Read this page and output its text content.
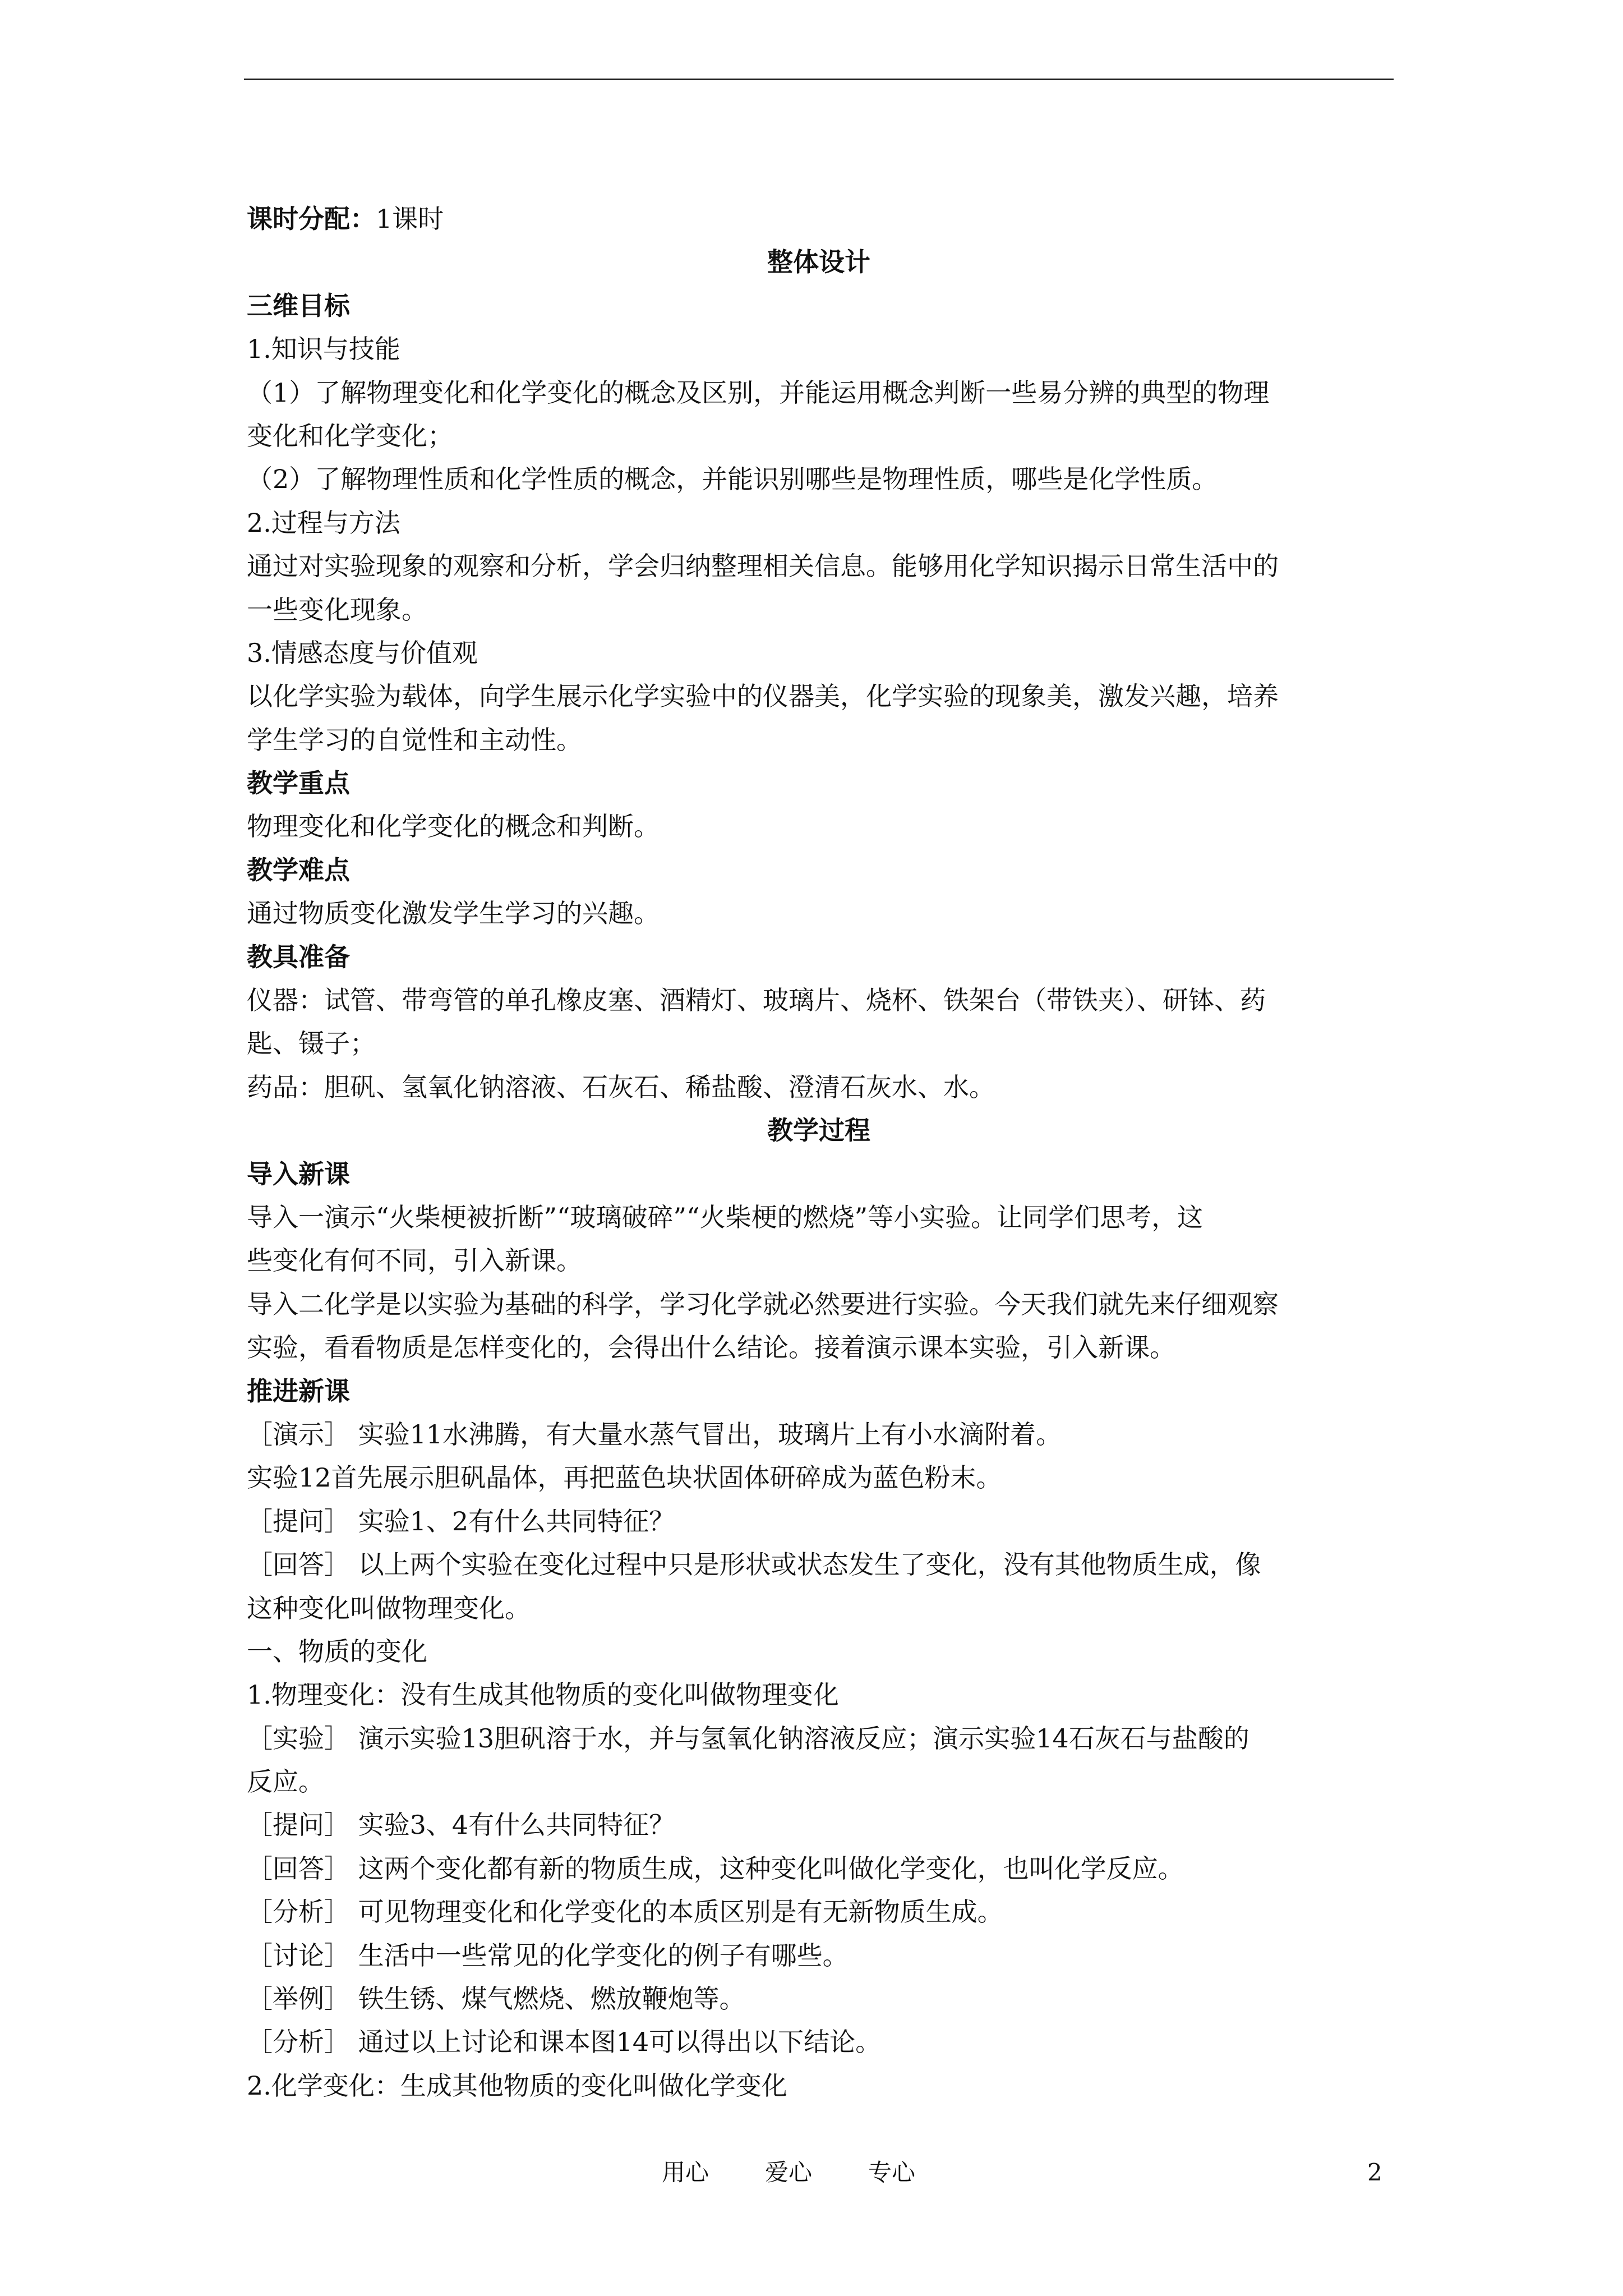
课时分配：1课时
整体设计
三维目标
1.知识与技能
（1）了解物理变化和化学变化的概念及区别，并能运用概念判断一些易分辨的典型的物理
变化和化学变化；
（2）了解物理性质和化学性质的概念，并能识别哪些是物理性质，哪些是化学性质。
2.过程与方法
通过对实验现象的观察和分析，学会归纳整理相关信息。能够用化学知识揭示日常生活中的
一些变化现象。
3.情感态度与价值观
以化学实验为载体，向学生展示化学实验中的仪器美，化学实验的现象美，激发兴趣，培养
学生学习的自觉性和主动性。
教学重点
物理变化和化学变化的概念和判断。
教学难点
通过物质变化激发学生学习的兴趣。
教具准备
仪器：试管、带弯管的单孔橡皮塞、酒精灯、玻璃片、烧杯、铁架台（带铁夹）、研钵、药
匙、镊子；
药品：胆矾、氢氧化钠溶液、石灰石、稀盐酸、澄清石灰水、水。
教学过程
导入新课
导入一演示“火柴梗被折断”“玻璃破碎”“火柴梗的燃烧”等小实验。让同学们思考，这
些变化有何不同，引入新课。
导入二化学是以实验为基础的科学，学习化学就必然要进行实验。今天我们就先来仔细观察
实验，看看物质是怎样变化的，会得出什么结论。接着演示课本实验，引入新课。
推进新课
［演示］ 实验11水沸腾，有大量水蒸气冒出，玻璃片上有小水滴附着。
实验12首先展示胆矾晶体，再把蓝色块状固体研碎成为蓝色粉末。
［提问］ 实验1、2有什么共同特征？
［回答］ 以上两个实验在变化过程中只是形状或状态发生了变化，没有其他物质生成，像
这种变化叫做物理变化。
一、物质的变化
1.物理变化：没有生成其他物质的变化叫做物理变化
［实验］ 演示实验13胆矾溶于水，并与氢氧化钠溶液反应；演示实验14石灰石与盐酸的
反应。
［提问］ 实验3、4有什么共同特征？
［回答］ 这两个变化都有新的物质生成，这种变化叫做化学变化，也叫化学反应。
［分析］ 可见物理变化和化学变化的本质区别是有无新物质生成。
［讨论］ 生活中一些常见的化学变化的例子有哪些。
［举例］ 铁生锈、煤气燃烧、燃放鞭炮等。
［分析］ 通过以上讨论和课本图14可以得出以下结论。
2.化学变化：生成其他物质的变化叫做化学变化
用心 爱心 专心	2
